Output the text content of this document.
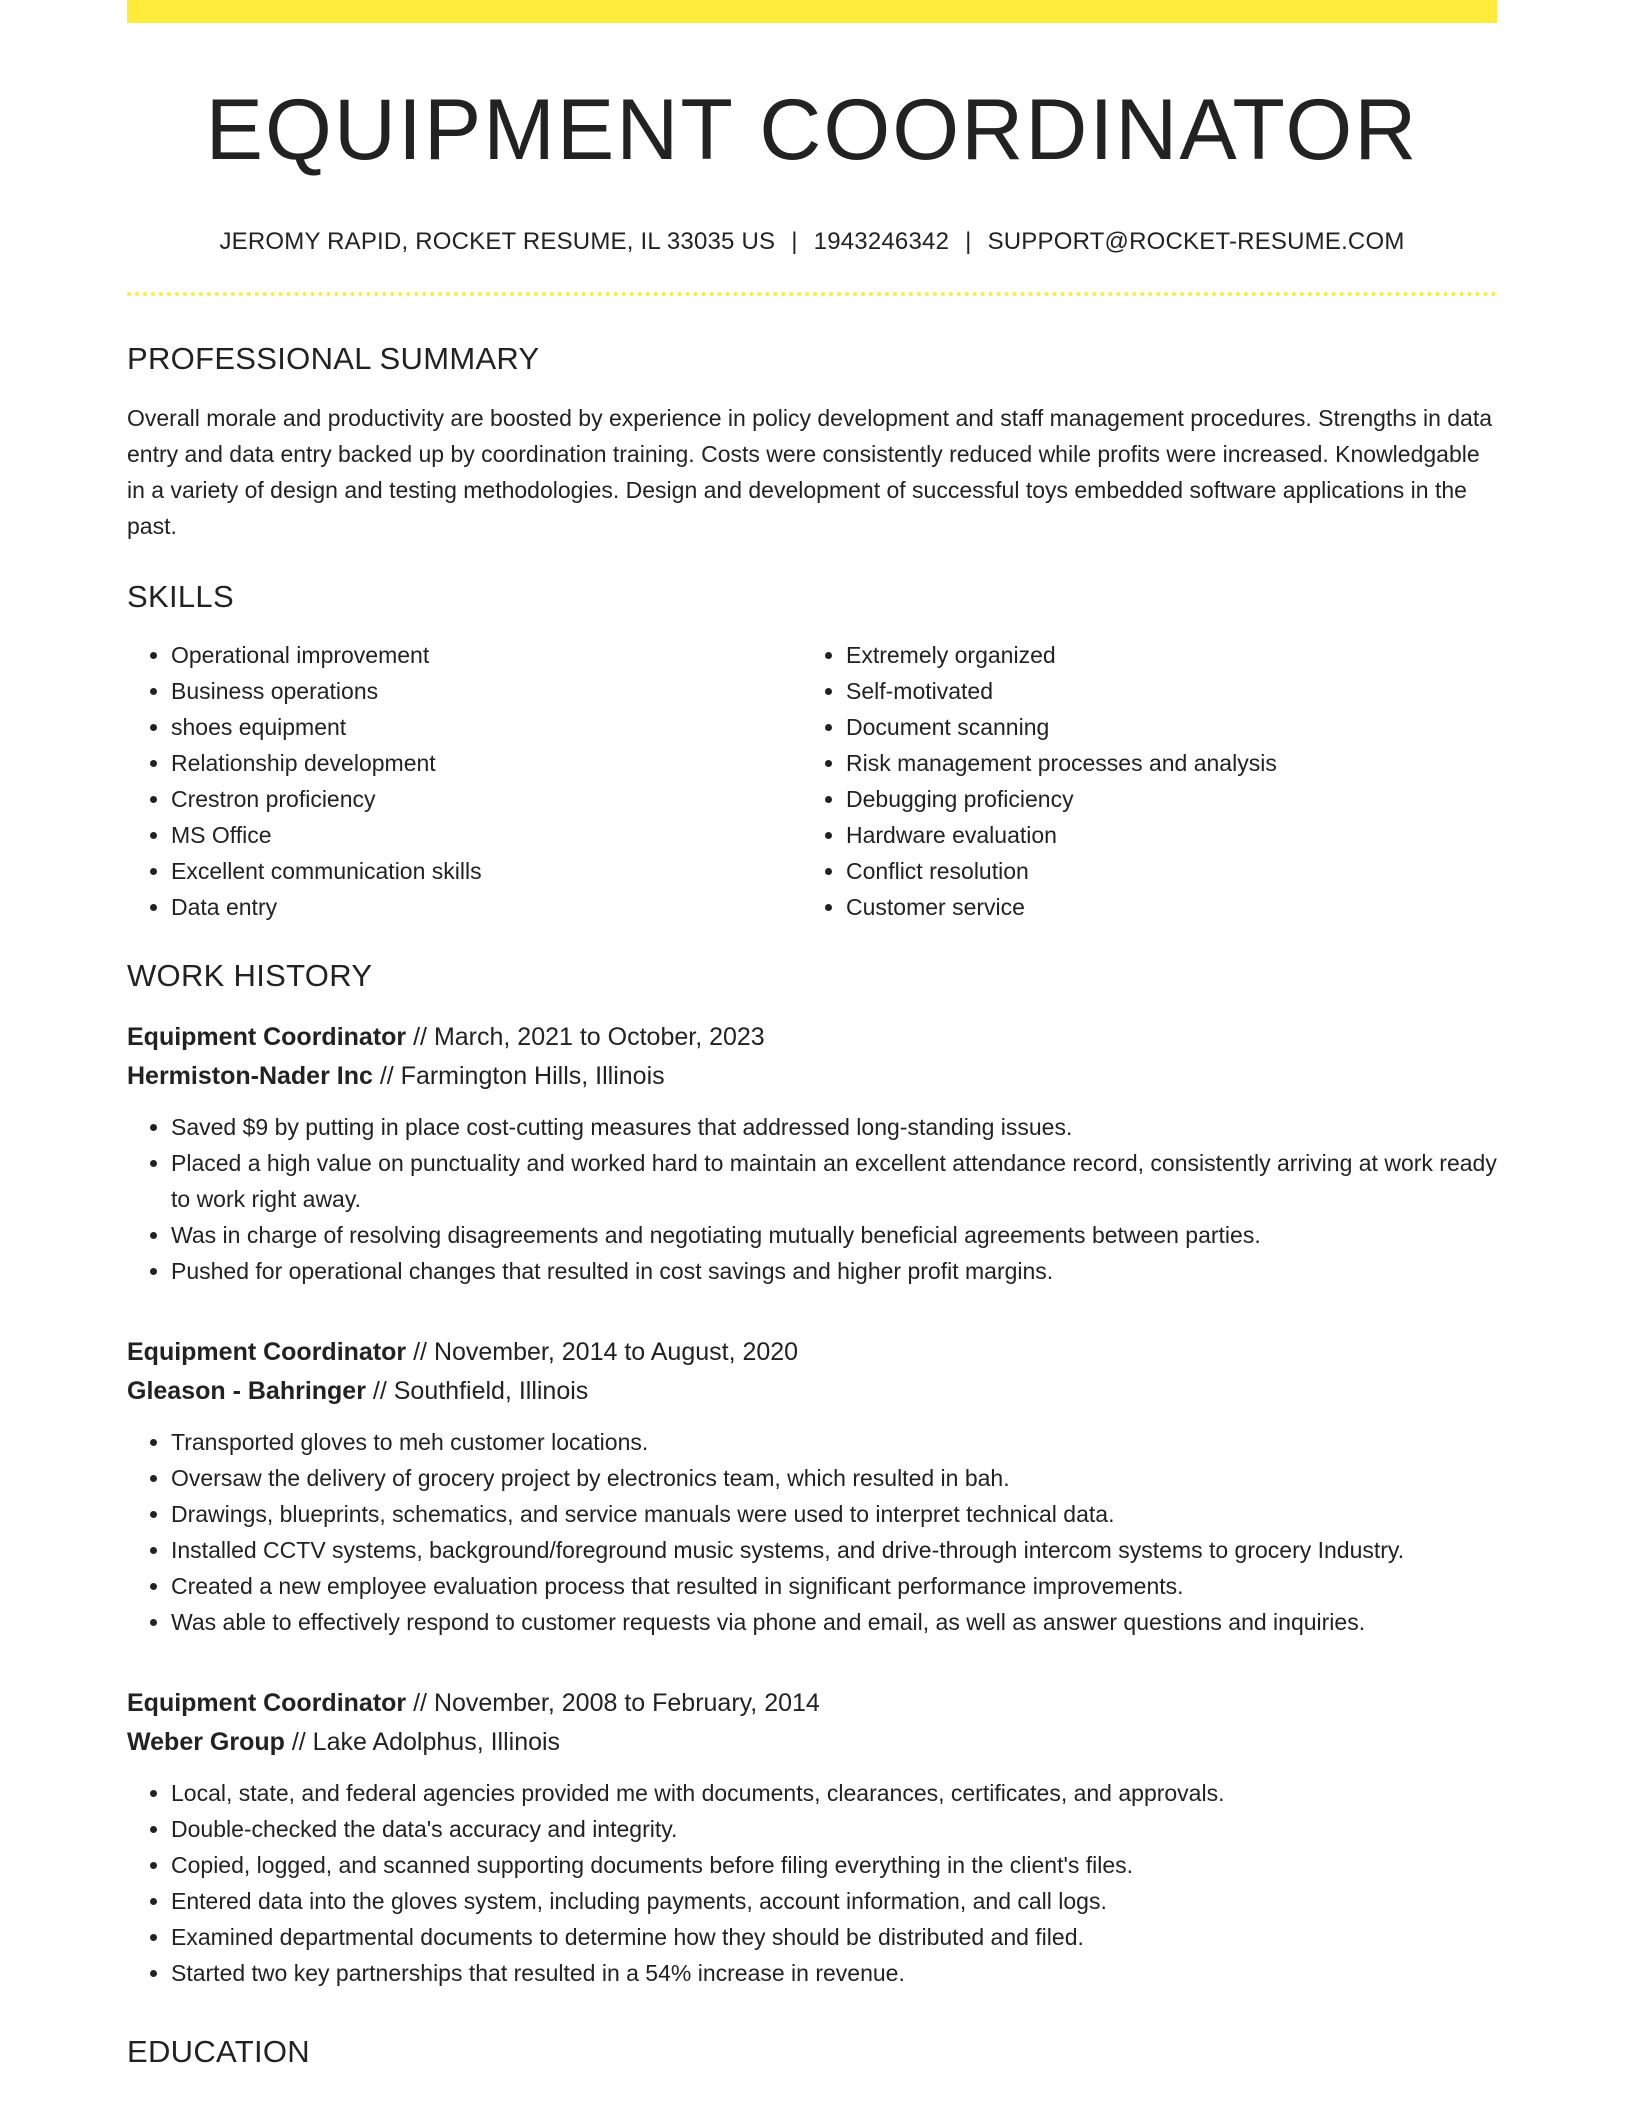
EQUIPMENT COORDINATOR
JEROMY RAPID, ROCKET RESUME, IL 33035 US | 1943246342 | SUPPORT@ROCKET-RESUME.COM
PROFESSIONAL SUMMARY

Overall morale and productivity are boosted by experience in policy development and staff management procedures. Strengths in data entry and data entry backed up by coordination training. Costs were consistently reduced while profits were increased. Knowledgable in a variety of design and testing methodologies. Design and development of successful toys embedded software applications in the past.

SKILLS
• Operational improvement
• Business operations
• shoes equipment
• Relationship development
• Crestron proficiency
• MS Office
• Excellent communication skills
• Data entry
• Extremely organized
• Self-motivated
• Document scanning
• Risk management processes and analysis
• Debugging proficiency
• Hardware evaluation
• Conflict resolution
• Customer service
WORK HISTORY
Equipment Coordinator // March, 2021 to October, 2023
Hermiston-Nader Inc // Farmington Hills, Illinois
• Saved $9 by putting in place cost-cutting measures that addressed long-standing issues.
• Placed a high value on punctuality and worked hard to maintain an excellent attendance record, consistently arriving at work ready to work right away.
• Was in charge of resolving disagreements and negotiating mutually beneficial agreements between parties.
• Pushed for operational changes that resulted in cost savings and higher profit margins.
Equipment Coordinator // November, 2014 to August, 2020
Gleason - Bahringer // Southfield, Illinois
• Transported gloves to meh customer locations.
• Oversaw the delivery of grocery project by electronics team, which resulted in bah.
• Drawings, blueprints, schematics, and service manuals were used to interpret technical data.
• Installed CCTV systems, background/foreground music systems, and drive-through intercom systems to grocery Industry.
• Created a new employee evaluation process that resulted in significant performance improvements.
• Was able to effectively respond to customer requests via phone and email, as well as answer questions and inquiries.
Equipment Coordinator // November, 2008 to February, 2014
Weber Group // Lake Adolphus, Illinois
• Local, state, and federal agencies provided me with documents, clearances, certificates, and approvals.
• Double-checked the data's accuracy and integrity.
• Copied, logged, and scanned supporting documents before filing everything in the client's files.
• Entered data into the gloves system, including payments, account information, and call logs.
• Examined departmental documents to determine how they should be distributed and filed.
• Started two key partnerships that resulted in a 54% increase in revenue.
EDUCATION
